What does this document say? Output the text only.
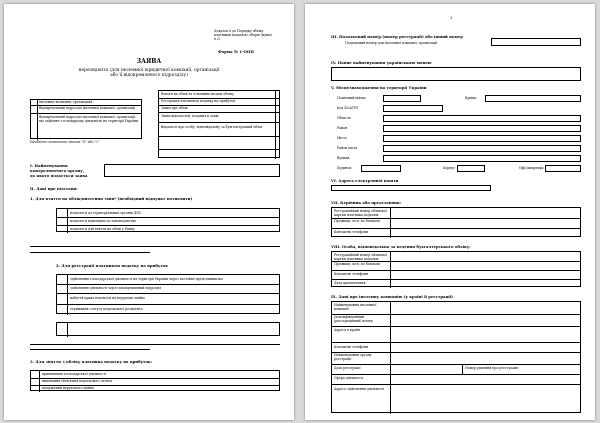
Додаток 6 до Порядку обліку платників податків і зборів (пункт 6.2)
Форма № 1-ОПП
ЗАЯВА
нерезидента (для іноземної юридичної компанії, організації або її відокремленого підрозділу)
Іноземна компанія, організація
Відокремлений підрозділ іноземної компанії, організації
Відокремлений підрозділ іноземної компанії, організації, що здійснює господарську діяльність на території України
Взяття на облік за основним місцем обліку
Реєстрація платником податку на прибуток
Заява про облік
Зміна відомостей, поданих в заяві
Відомості про особу, відповідальну за бухгалтерський облік
Необхідне позначити знаком "Х" або "√"
I. Найменування контролюючого органу, до якого подається заява
II. Дані про підстави:
1. Для взяття на облік/внесення змін* (необхідний підпункт позначити)
подається до територіальних органів ДПС
подається відповідно до законодавства
подається для взяття на облік у банку
2. Для реєстрації платником податку на прибуток
здійснення господарської діяльності на території України через постійне представництво
здійснення діяльності через відокремлений підрозділ
набуття права власності на нерухоме майно
отримання статусу податкового резидента
3. Для зняття з обліку платника податку на прибуток:
припинення господарської діяльності
виконання обов'язків податкового агента
відчуження нерухомого майна
2
III. Податковий номер (номер реєстрації) або інший номер
Податковий номер для іноземної компанії, організації
IV. Повне найменування українською мовою
V. Місцезнаходження на території України
Поштовий індекс	Країна
Код КОАТУУ
Область
Район
Місто
Район міста
Вулиця
Будинок	Корпус	Офіс/квартира
VI. Адреса електронної пошти
VII. Керівник або представник:
Реєстраційний номер облікової картки платника податків
Прізвище, ім'я, по батькові
Контактні телефони
VIII. Особа, відповідальна за ведення бухгалтерського обліку:
Реєстраційний номер облікової картки платника податків
Прізвище, ім'я, по батькові
Контактні телефони
Дата призначення
IX. Дані про іноземну компанію (у країні її реєстрації)
Найменування іноземної компанії
Ідентифікаційний (реєстраційний) номер
Адреса в країні
Контактні телефони
Найменування органу реєстрації
Дата реєстрації	Номер рішення про реєстрацію
Сфера діяльності
Адреса здійснення діяльності
